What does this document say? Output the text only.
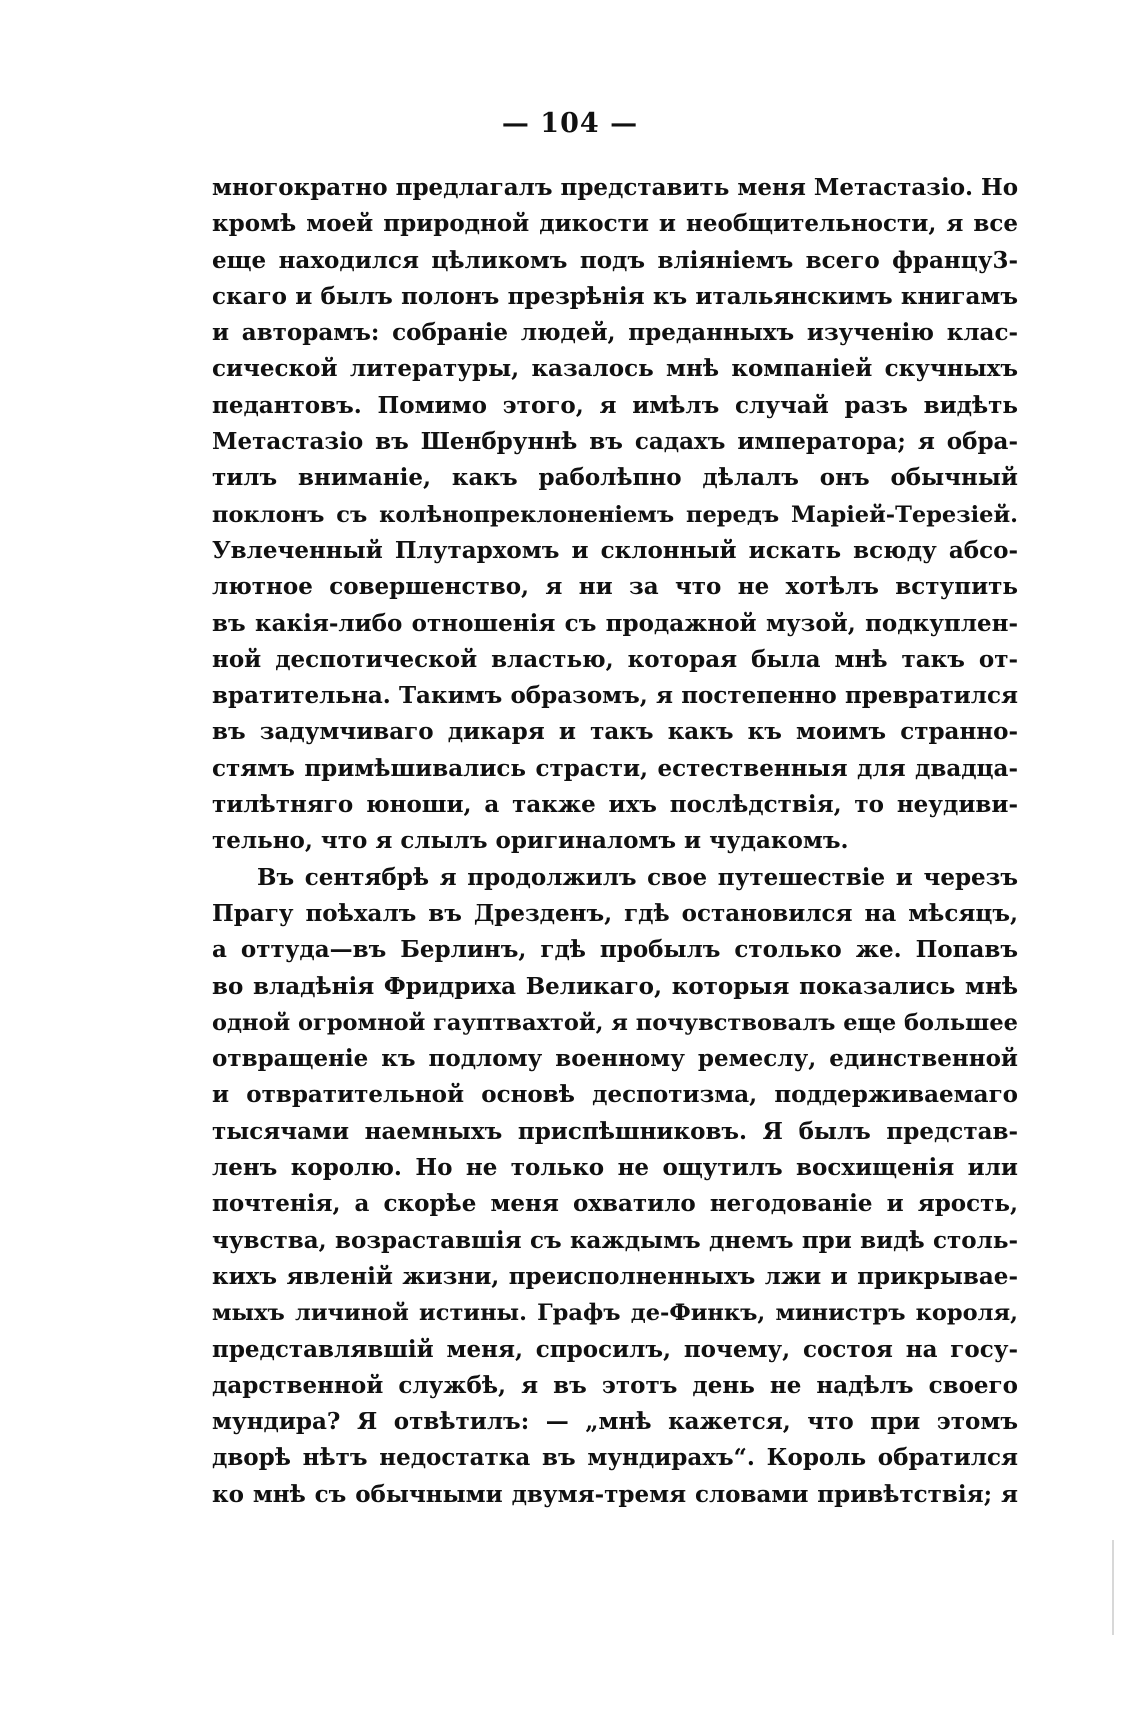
— 104 —
многократно предлагалъ представить меня Метастазіо. Но
кромѣ моей природной дикости и необщительности, я все
еще находился цѣликомъ подъ вліяніемъ всего францу3-
скаго и былъ полонъ презрѣнія къ итальянскимъ книгамъ
и авторамъ: собраніе людей, преданныхъ изученію клас-
сической литературы, казалось мнѣ компаніей скучныхъ
педантовъ. Помимо этого, я имѣлъ случай разъ видѣть
Метастазіо въ Шенбруннѣ въ садахъ императора; я обра-
тилъ вниманіе, какъ раболѣпно дѣлалъ онъ обычный
поклонъ съ колѣнопреклоненіемъ передъ Маріей-Терезіей.
Увлеченный Плутархомъ и склонный искать всюду абсо-
лютное совершенство, я ни за что не хотѣлъ вступить
въ какія-либо отношенія съ продажной музой, подкуплен-
ной деспотической властью, которая была мнѣ такъ от-
вратительна. Такимъ образомъ, я постепенно превратился
въ задумчиваго дикаря и такъ какъ къ моимъ странно-
стямъ примѣшивались страсти, естественныя для двадца-
тилѣтняго юноши, а также ихъ послѣдствія, то неудиви-
тельно, что я слылъ оригиналомъ и чудакомъ.
Въ сентябрѣ я продолжилъ свое путешествіе и черезъ
Прагу поѣхалъ въ Дрезденъ, гдѣ остановился на мѣсяцъ,
а оттуда—въ Берлинъ, гдѣ пробылъ столько же. Попавъ
во владѣнія Фридриха Великаго, которыя показались мнѣ
одной огромной гауптвахтой, я почувствовалъ еще большее
отвращеніе къ подлому военному ремеслу, единственной
и отвратительной основѣ деспотизма, поддерживаемаго
тысячами наемныхъ приспѣшниковъ. Я былъ представ-
ленъ королю. Но не только не ощутилъ восхищенія или
почтенія, а скорѣе меня охватило негодованіе и ярость,
чувства, возраставшія съ каждымъ днемъ при видѣ столь-
кихъ явленій жизни, преисполненныхъ лжи и прикрывае-
мыхъ личиной истины. Графъ де-Финкъ, министръ короля,
представлявшій меня, спросилъ, почему, состоя на госу-
дарственной службѣ, я въ этотъ день не надѣлъ своего
мундира? Я отвѣтилъ: — „мнѣ кажется, что при этомъ
дворѣ нѣтъ недостатка въ мундирахъ“. Король обратился
ко мнѣ съ обычными двумя-тремя словами привѣтствія; я
